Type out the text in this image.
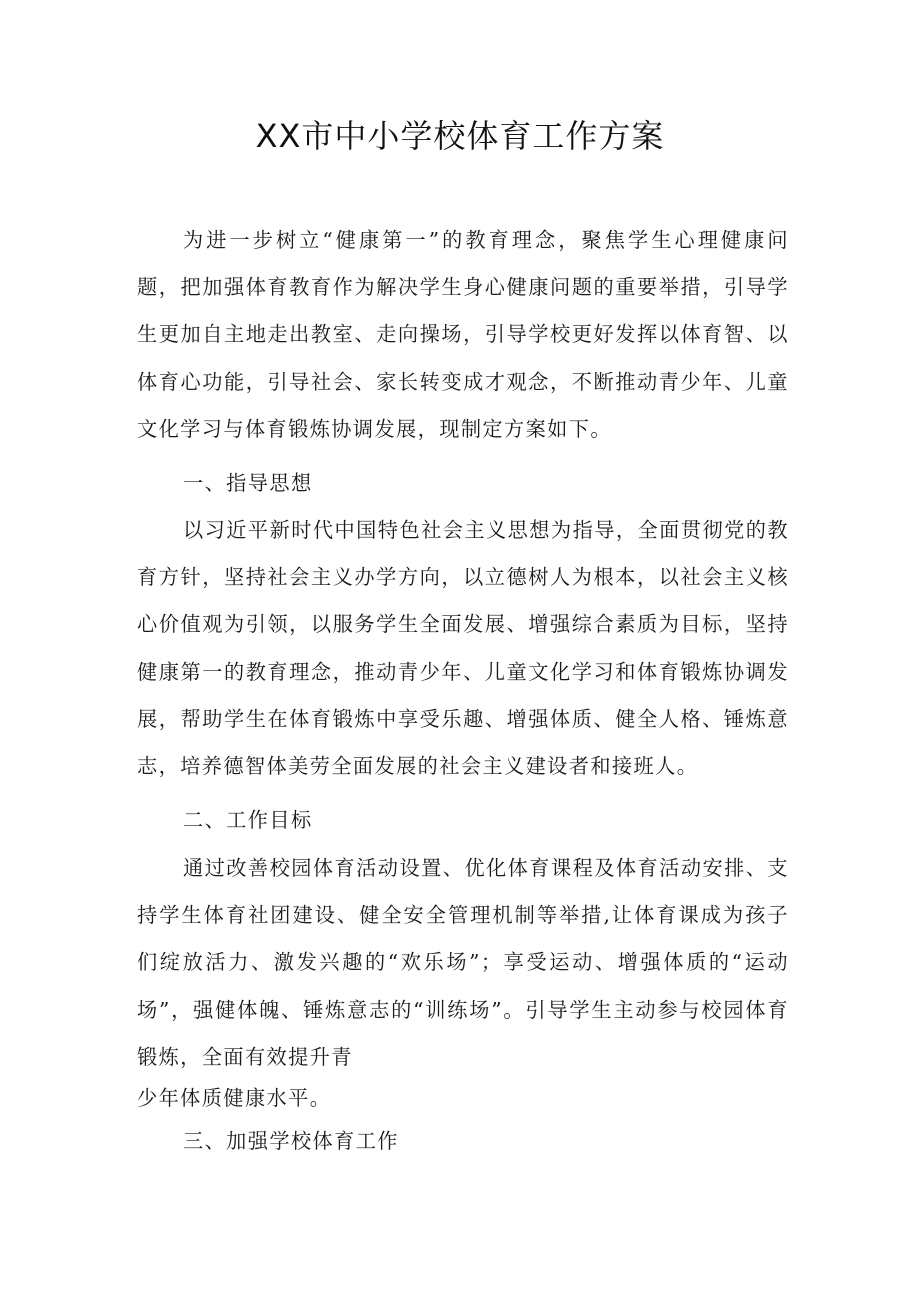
XX市中小学校体育工作方案
为进一步树立“健康第一”的教育理念，聚焦学生心理健康问题，把加强体育教育作为解决学生身心健康问题的重要举措，引导学生更加自主地走出教室、走向操场，引导学校更好发挥以体育智、以体育心功能，引导社会、家长转变成才观念，不断推动青少年、儿童文化学习与体育锻炼协调发展，现制定方案如下。
一、指导思想
以习近平新时代中国特色社会主义思想为指导，全面贯彻党的教育方针，坚持社会主义办学方向，以立德树人为根本，以社会主义核心价值观为引领，以服务学生全面发展、增强综合素质为目标，坚持健康第一的教育理念，推动青少年、儿童文化学习和体育锻炼协调发展，帮助学生在体育锻炼中享受乐趣、增强体质、健全人格、锤炼意志，培养德智体美劳全面发展的社会主义建设者和接班人。
二、工作目标
通过改善校园体育活动设置、优化体育课程及体育活动安排、支持学生体育社团建设、健全安全管理机制等举措,让体育课成为孩子们绽放活力、激发兴趣的“欢乐场”；享受运动、增强体质的“运动场”，强健体魄、锤炼意志的“训练场”。引导学生主动参与校园体育锻炼，全面有效提升青
少年体质健康水平。
三、加强学校体育工作
